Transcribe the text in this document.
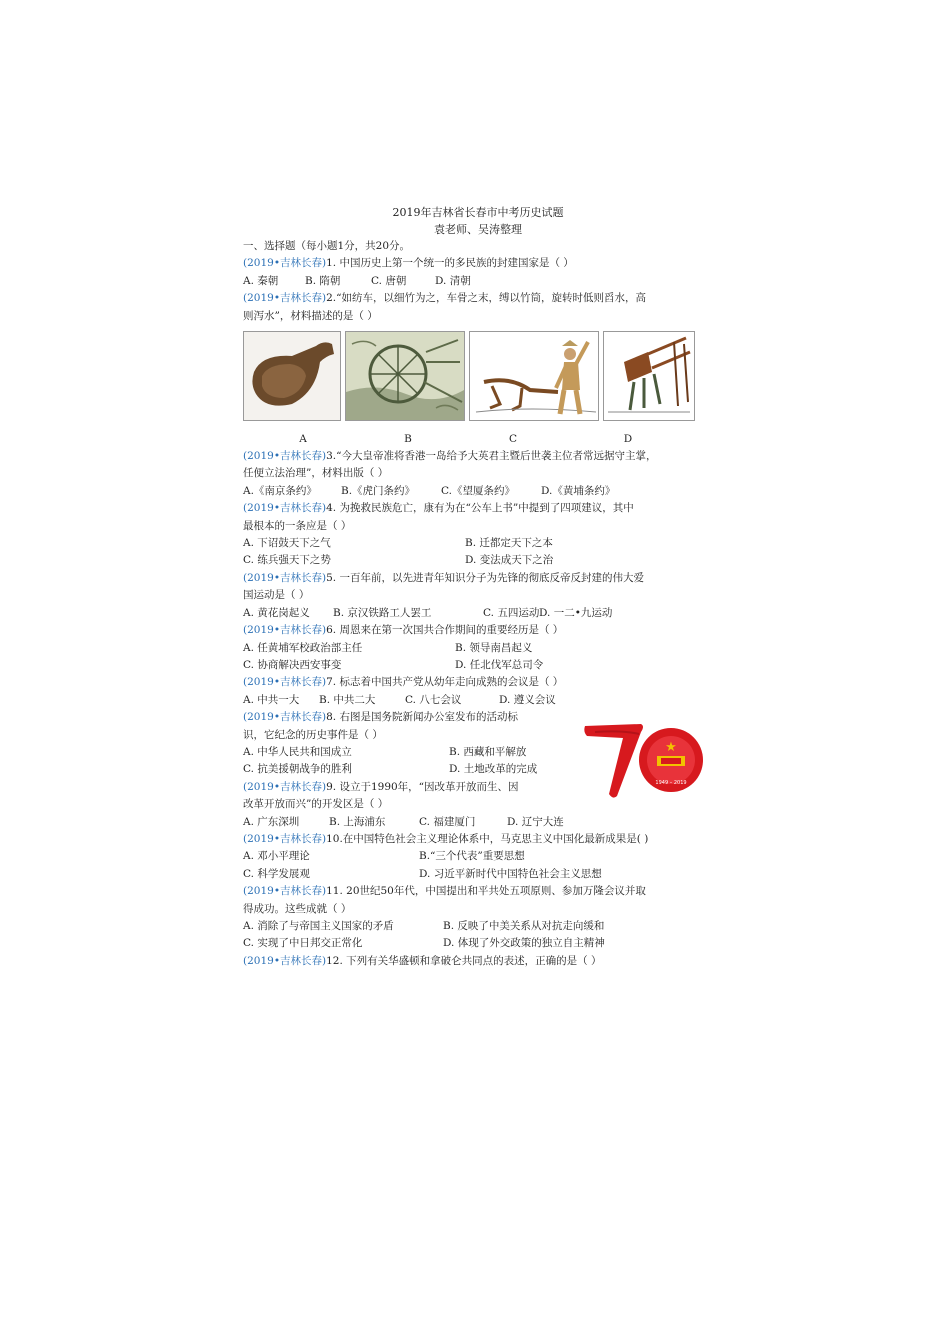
2019年吉林省长春市中考历史试题

袁老师、吴涛整理

一、选择题（每小题1分，共20分。
(2019•吉林长春)1. 中国历史上第一个统一的多民族的封建国家是（ ）
A. 秦朝	B. 隋朝	C. 唐朝	D. 清朝
(2019•吉林长春)2.“如纺车，以细竹为之，车骨之末，缚以竹筒，旋转时低则舀水，高
则泻水”，材料描述的是（ ）
A	B	C	D
(2019•吉林长春)3.“今大皇帝准将香港一岛给予大英君主暨后世袭主位者常远据守主掌，
任便立法治理”，材料出版（ ）
A.《南京条约》	B.《虎门条约》	C.《望厦条约》	D.《黄埔条约》
(2019•吉林长春)4. 为挽救民族危亡，康有为在“公车上书”中提到了四项建议，其中
最根本的一条应是（ ）
A. 下诏鼓天下之气	B. 迁都定天下之本
C. 练兵强天下之势	D. 变法成天下之治
(2019•吉林长春)5. 一百年前，以先进青年知识分子为先锋的彻底反帝反封建的伟大爱
国运动是（ ）
A. 黄花岗起义	B. 京汉铁路工人罢工	C. 五四运动 D. 一二•九运动
(2019•吉林长春)6. 周恩来在第一次国共合作期间的重要经历是（ ）
A. 任黄埔军校政治部主任	B. 领导南昌起义
C. 协商解决西安事变	D. 任北伐军总司令
(2019•吉林长春)7. 标志着中国共产党从幼年走向成熟的会议是（ ）
A. 中共一大	B. 中共二大	C. 八七会议	D. 遵义会议
(2019•吉林长春)8. 右图是国务院新闻办公室发布的活动标
识，它纪念的历史事件是（ ）
A. 中华人民共和国成立	B. 西藏和平解放
C. 抗美援朝战争的胜利	D. 土地改革的完成
(2019•吉林长春)9. 设立于1990年，“因改革开放而生、因
改革开放而兴”的开发区是（ ）
A. 广东深圳	B. 上海浦东	C. 福建厦门	D. 辽宁大连
(2019•吉林长春)10.在中国特色社会主义理论体系中，马克思主义中国化最新成果是( )
A. 邓小平理论	B.“三个代表”重要思想
C. 科学发展观	D. 习近平新时代中国特色社会主义思想
(2019•吉林长春)11. 20世纪50年代，中国提出和平共处五项原则、参加万隆会议并取
得成功。这些成就（ ）
A. 消除了与帝国主义国家的矛盾	B. 反映了中美关系从对抗走向缓和
C. 实现了中日邦交正常化	D. 体现了外交政策的独立自主精神
(2019•吉林长春)12. 下列有关华盛顿和拿破仑共同点的表述，正确的是（ ）
★
1949 – 2019
